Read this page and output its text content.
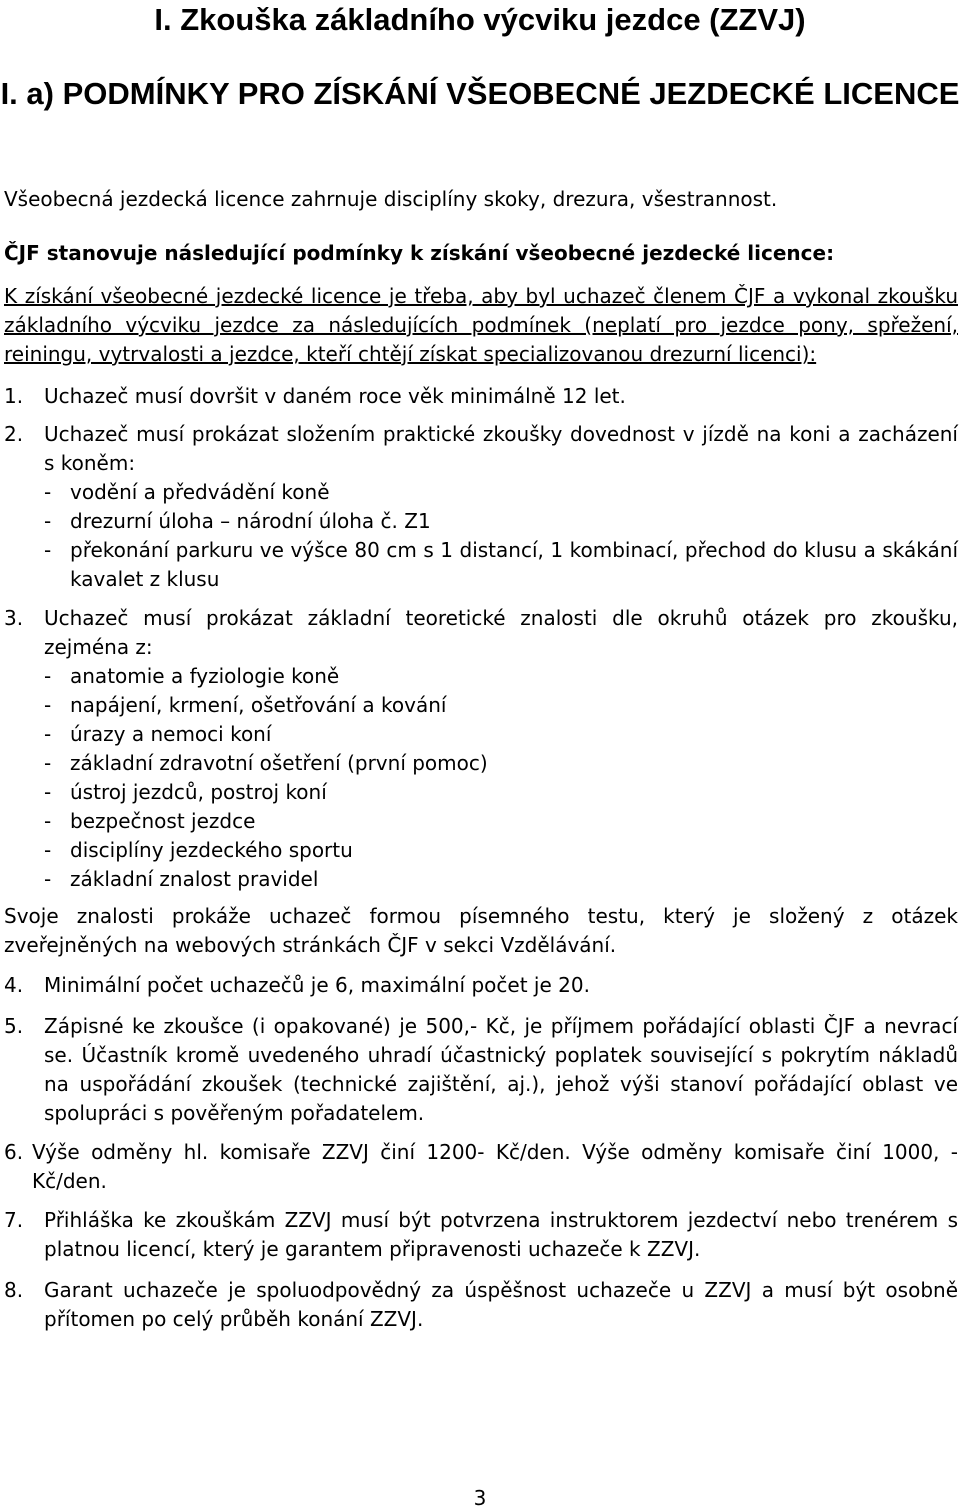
I. Zkouška základního výcviku jezdce (ZZVJ)
I. a) PODMÍNKY PRO ZÍSKÁNÍ VŠEOBECNÉ JEZDECKÉ LICENCE
Všeobecná jezdecká licence zahrnuje disciplíny skoky, drezura, všestrannost.
ČJF stanovuje následující podmínky k získání všeobecné jezdecké licence:
K získání všeobecné jezdecké licence je třeba, aby byl uchazeč členem ČJF a vykonal zkoušku základního výcviku jezdce za následujících podmínek (neplatí pro jezdce pony, spřežení, reiningu, vytrvalosti a jezdce, kteří chtějí získat specializovanou drezurní licenci):
1. Uchazeč musí dovršit v daném roce věk minimálně 12 let.
2. Uchazeč musí prokázat složením praktické zkoušky dovednost v jízdě na koni a zacházení s koněm:
- vodění a předvádění koně
- drezurní úloha – národní úloha č. Z1
- překonání parkuru ve výšce 80 cm s 1 distancí, 1 kombinací, přechod do klusu a skákání kavalet z klusu
3. Uchazeč musí prokázat základní teoretické znalosti dle okruhů otázek pro zkoušku, zejména z:
- anatomie a fyziologie koně
- napájení, krmení, ošetřování a kování
- úrazy a nemoci koní
- základní zdravotní ošetření (první pomoc)
- ústroj jezdců, postroj koní
- bezpečnost jezdce
- disciplíny jezdeckého sportu
- základní znalost pravidel
Svoje znalosti prokáže uchazeč formou písemného testu, který je složený z otázek zveřejněných na webových stránkách ČJF v sekci Vzdělávání.
4. Minimální počet uchazečů je 6, maximální počet je 20.
5. Zápisné ke zkoušce (i opakované) je 500,- Kč, je příjmem pořádající oblasti ČJF a nevrací se. Účastník kromě uvedeného uhradí účastnický poplatek související s pokrytím nákladů na uspořádání zkoušek (technické zajištění, aj.), jehož výši stanoví pořádající oblast ve spolupráci s pověřeným pořadatelem.
6. Výše odměny hl. komisaře ZZVJ činí 1200- Kč/den. Výše odměny komisaře činí 1000, - Kč/den.
7. Přihláška ke zkouškám ZZVJ musí být potvrzena instruktorem jezdectví nebo trenérem s platnou licencí, který je garantem připravenosti uchazeče k ZZVJ.
8. Garant uchazeče je spoluodpovědný za úspěšnost uchazeče u ZZVJ a musí být osobně přítomen po celý průběh konání ZZVJ.
3
